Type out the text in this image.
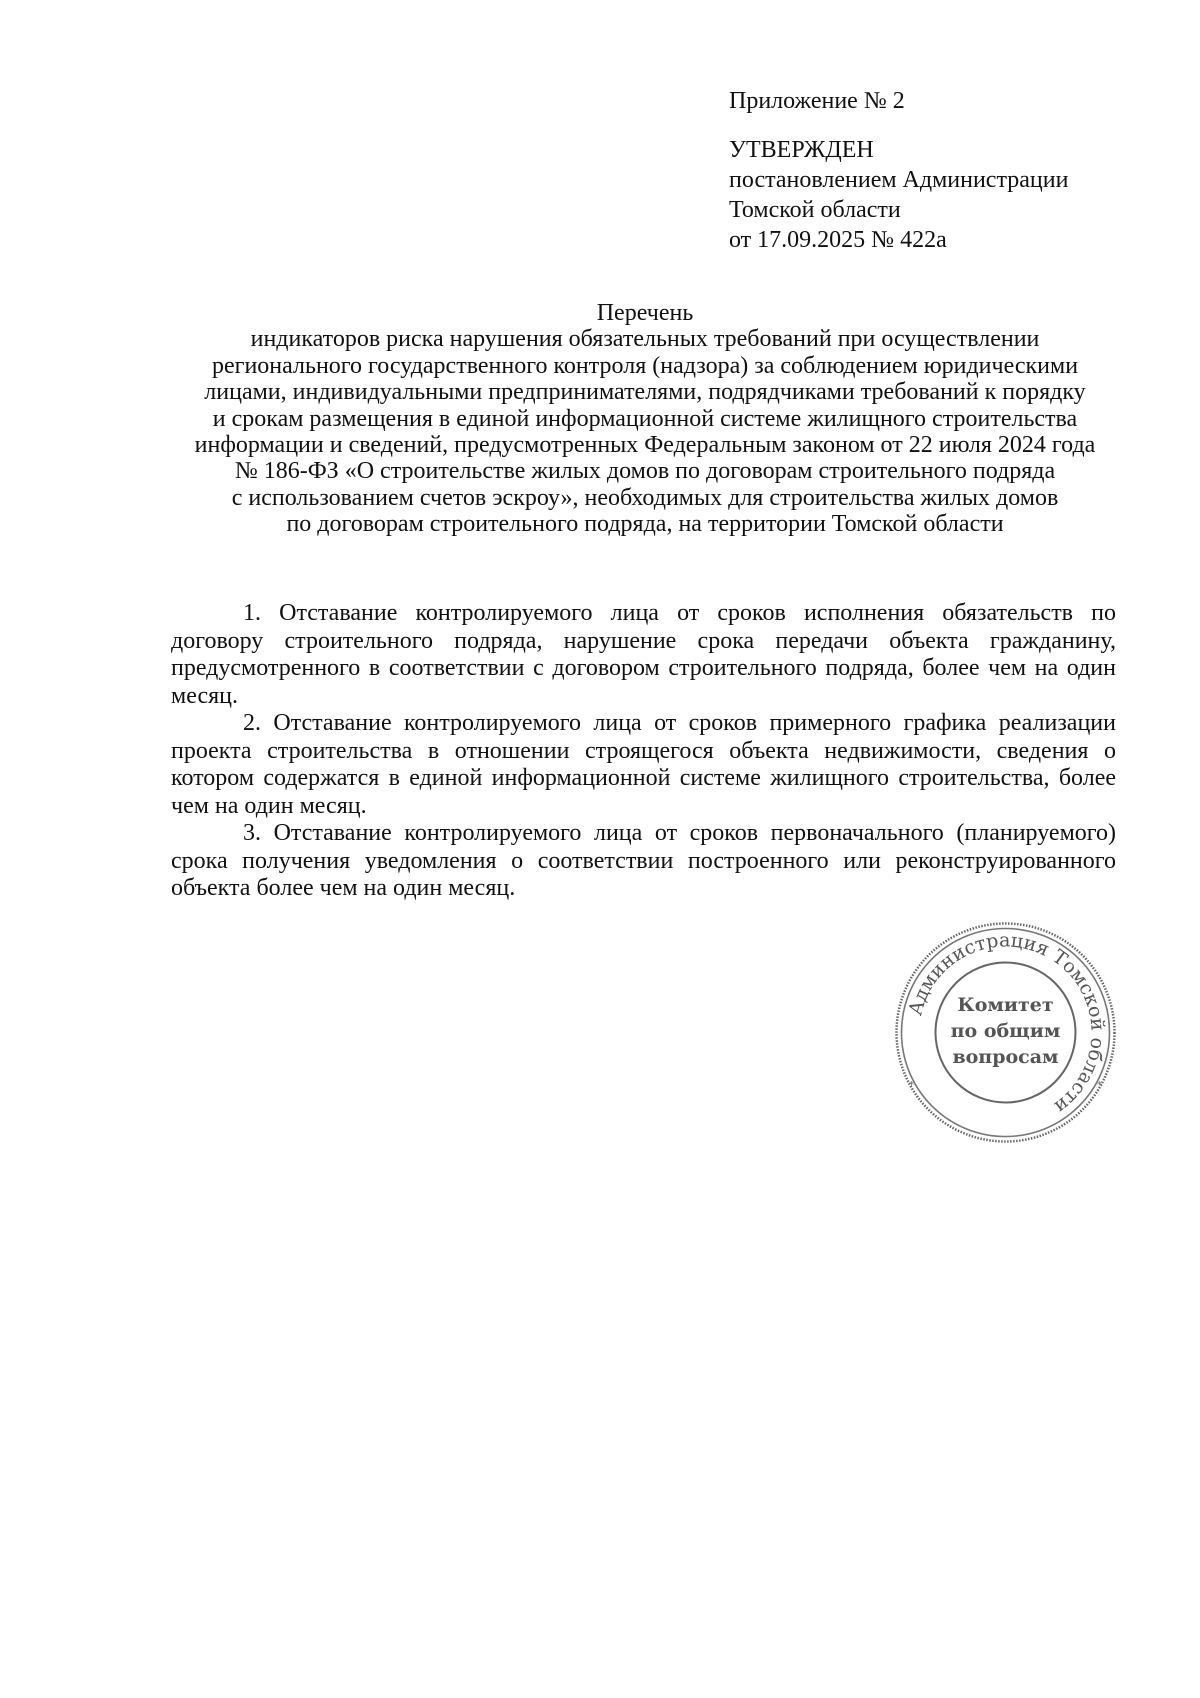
Приложение № 2
УТВЕРЖДЕН
постановлением Администрации
Томской области
от 17.09.2025 № 422а
Перечень
индикаторов риска нарушения обязательных требований при осуществлении
регионального государственного контроля (надзора) за соблюдением юридическими
лицами, индивидуальными предпринимателями, подрядчиками требований к порядку
и срокам размещения в единой информационной системе жилищного строительства
информации и сведений, предусмотренных Федеральным законом от 22 июля 2024 года
№ 186-ФЗ «О строительстве жилых домов по договорам строительного подряда
с использованием счетов эскроу», необходимых для строительства жилых домов
по договорам строительного подряда, на территории Томской области

1. Отставание контролируемого лица от сроков исполнения обязательств по договору строительного подряда, нарушение срока передачи объекта гражданину, предусмотренного в соответствии с договором строительного подряда, более чем на один месяц.

2. Отставание контролируемого лица от сроков примерного графика реализации проекта строительства в отношении строящегося объекта недвижимости, сведения о котором содержатся в единой информационной системе жилищного строительства, более чем на один месяц.

3. Отставание контролируемого лица от сроков первоначального (планируемого) срока получения уведомления о соответствии построенного или реконструированного объекта более чем на один месяц.

Администрация Томской области
*	*
Комитет
по общим
вопросам
